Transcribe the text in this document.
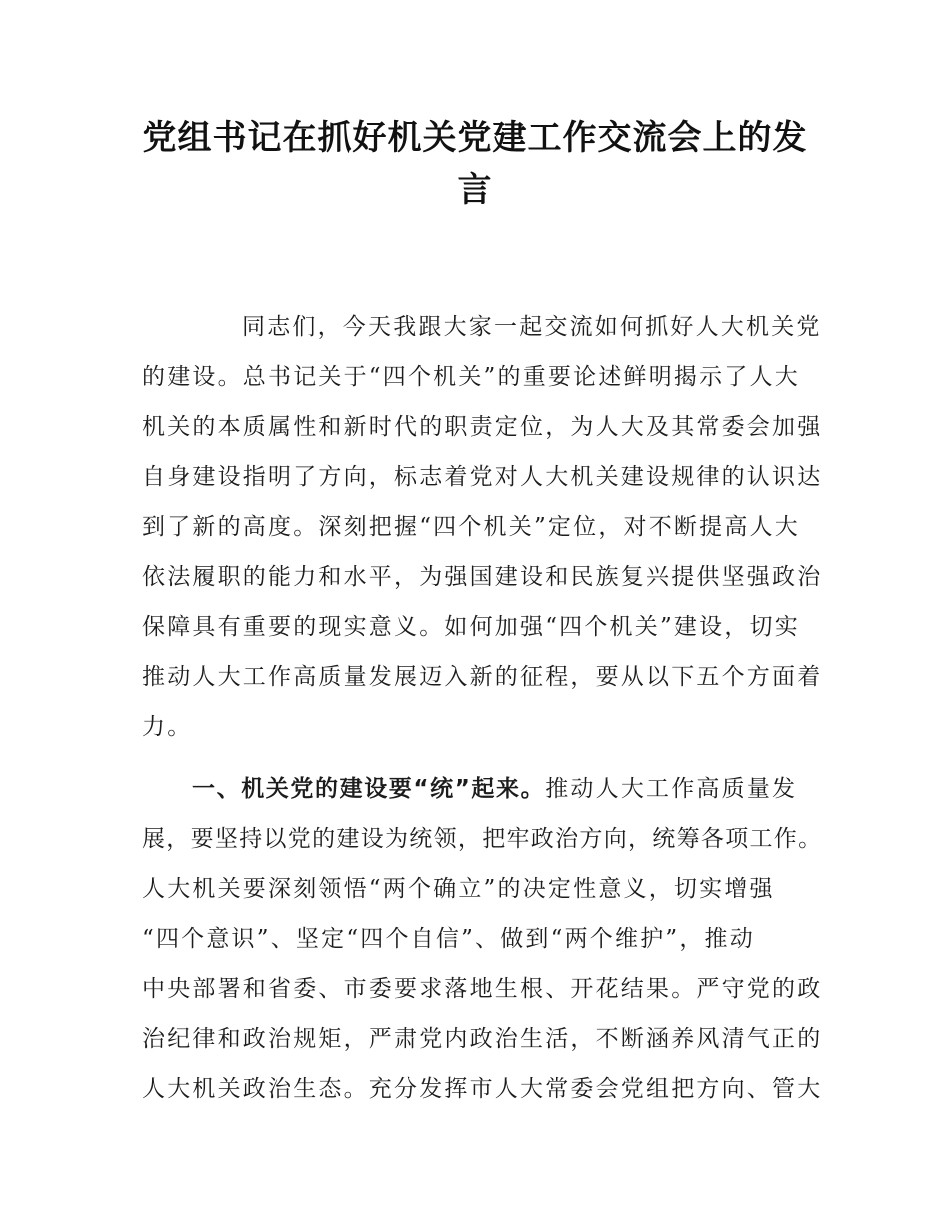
党组书记在抓好机关党建工作交流会上的发
言
同志们，今天我跟大家一起交流如何抓好人大机关党
的建设。总书记关于“四个机关”的重要论述鲜明揭示了人大
机关的本质属性和新时代的职责定位，为人大及其常委会加强
自身建设指明了方向，标志着党对人大机关建设规律的认识达
到了新的高度。深刻把握“四个机关”定位，对不断提高人大
依法履职的能力和水平，为强国建设和民族复兴提供坚强政治
保障具有重要的现实意义。如何加强“四个机关”建设，切实
推动人大工作高质量发展迈入新的征程，要从以下五个方面着
力。
一、机关党的建设要“统”起来。推动人大工作高质量发
展，要坚持以党的建设为统领，把牢政治方向，统筹各项工作。
人大机关要深刻领悟“两个确立”的决定性意义，切实增强
“四个意识”、坚定“四个自信”、做到“两个维护”，推动
中央部署和省委、市委要求落地生根、开花结果。严守党的政
治纪律和政治规矩，严肃党内政治生活，不断涵养风清气正的
人大机关政治生态。充分发挥市人大常委会党组把方向、管大
